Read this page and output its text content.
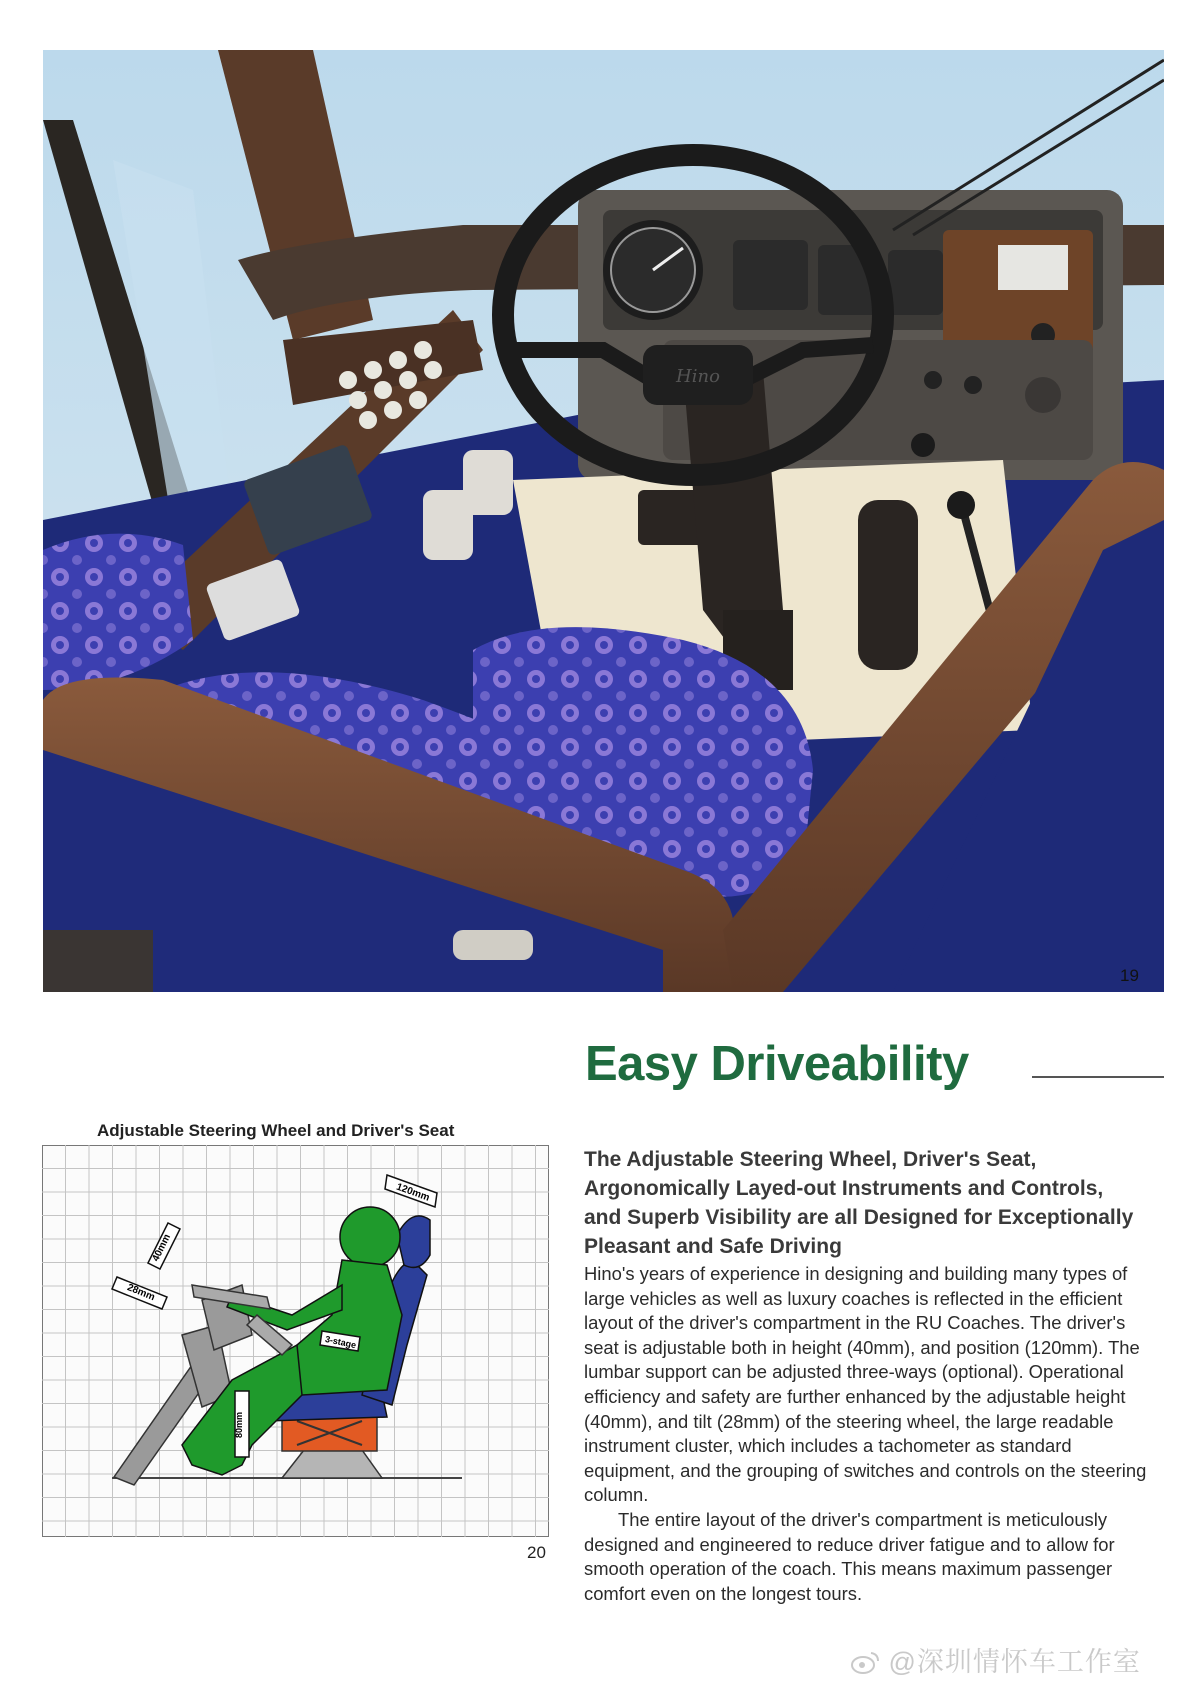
Hino
19
Easy Driveability
Adjustable Steering Wheel and Driver's Seat
120mm
40mm
28mm
3-stage
80mm
20
The Adjustable Steering Wheel, Driver's Seat, Argonomically Layed-out Instruments and Controls, and Superb Visibility are all Designed for Exceptionally Pleasant and Safe Driving

Hino's years of experience in designing and building many types of large vehicles as well as luxury coaches is reflected in the efficient layout of the driver's compartment in the RU Coaches. The driver's seat is adjustable both in height (40mm), and position (120mm). The lumbar support can be adjusted three-ways (optional). Operational efficiency and safety are further enhanced by the adjustable height (40mm), and tilt (28mm) of the steering wheel, the large readable instrument cluster, which includes a tachometer as standard equipment, and the grouping of switches and controls on the steering column.

The entire layout of the driver's compartment is meticulously designed and engineered to reduce driver fatigue and to allow for smooth operation of the coach. This means maximum passenger comfort even on the longest tours.

@深圳情怀车工作室
